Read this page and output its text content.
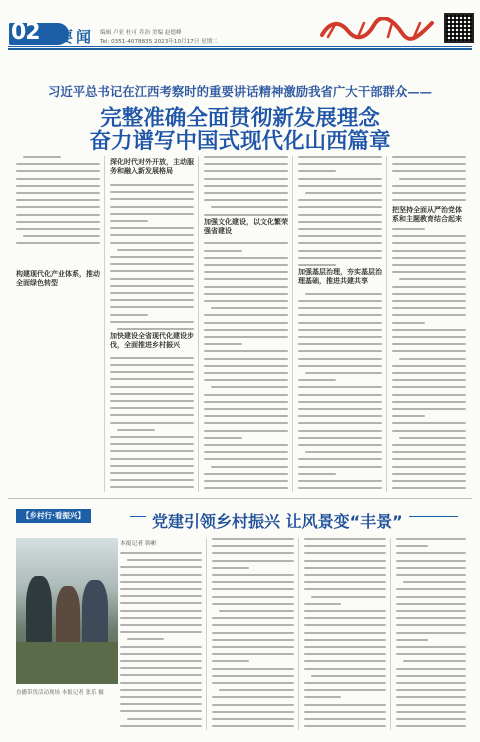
02 要闻 编辑 卢亚 杜可 乔治 美编 赵德峰
Tel: 0351-4078835 2023年10月17日 星期二
习近平总书记在江西考察时的重要讲话精神激励我省广大干部群众——
完整准确全面贯彻新发展理念
奋力谱写中国式现代化山西篇章
构建现代化产业体系，推动全面绿色转型
深化时代对外开放，主动服务和融入新发展格局
加快建设全省现代化建设步伐，全面推进乡村振兴
加强文化建设，以文化繁荣强省建设
加强基层治理，夯实基层治理基础，推进共建共享
把坚持全面从严治党体系和主题教育结合起来
【乡村行·看振兴】	党建引领乡村振兴 让风景变“丰景”
直播带货活动现场 本报记者 张乐 摄
本报记者 韩彬
